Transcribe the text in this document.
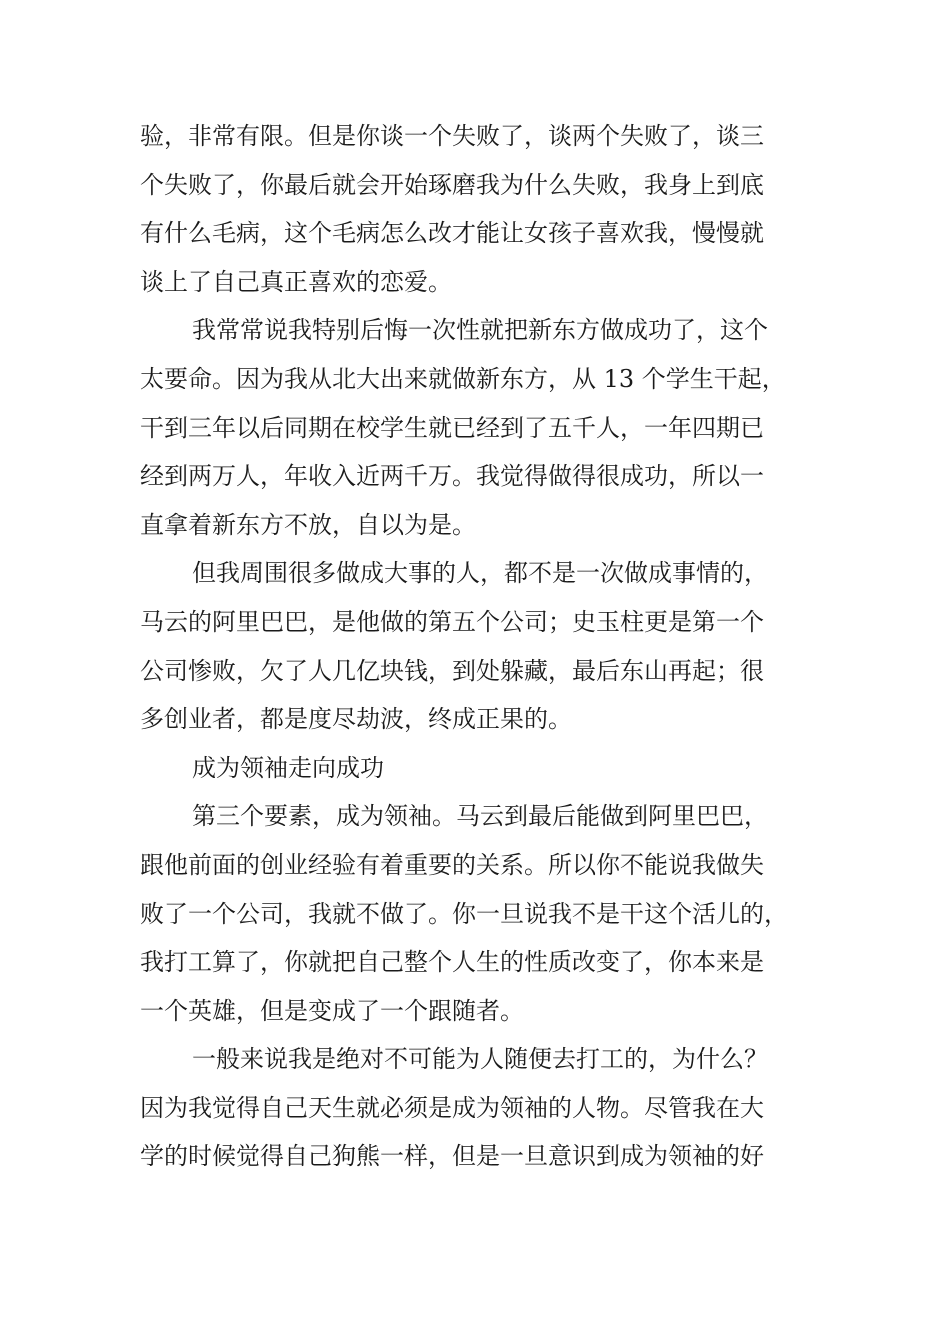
验，非常有限。但是你谈一个失败了，谈两个失败了，谈三
个失败了，你最后就会开始琢磨我为什么失败，我身上到底
有什么毛病，这个毛病怎么改才能让女孩子喜欢我，慢慢就
谈上了自己真正喜欢的恋爱。
我常常说我特别后悔一次性就把新东方做成功了，这个
太要命。因为我从北大出来就做新东方，从 13 个学生干起，
干到三年以后同期在校学生就已经到了五千人，一年四期已
经到两万人，年收入近两千万。我觉得做得很成功，所以一
直拿着新东方不放，自以为是。
但我周围很多做成大事的人，都不是一次做成事情的，
马云的阿里巴巴，是他做的第五个公司；史玉柱更是第一个
公司惨败，欠了人几亿块钱，到处躲藏，最后东山再起；很
多创业者，都是度尽劫波，终成正果的。
成为领袖走向成功
第三个要素，成为领袖。马云到最后能做到阿里巴巴，
跟他前面的创业经验有着重要的关系。所以你不能说我做失
败了一个公司，我就不做了。你一旦说我不是干这个活儿的，
我打工算了，你就把自己整个人生的性质改变了，你本来是
一个英雄，但是变成了一个跟随者。
一般来说我是绝对不可能为人随便去打工的，为什么？
因为我觉得自己天生就必须是成为领袖的人物。尽管我在大
学的时候觉得自己狗熊一样，但是一旦意识到成为领袖的好
